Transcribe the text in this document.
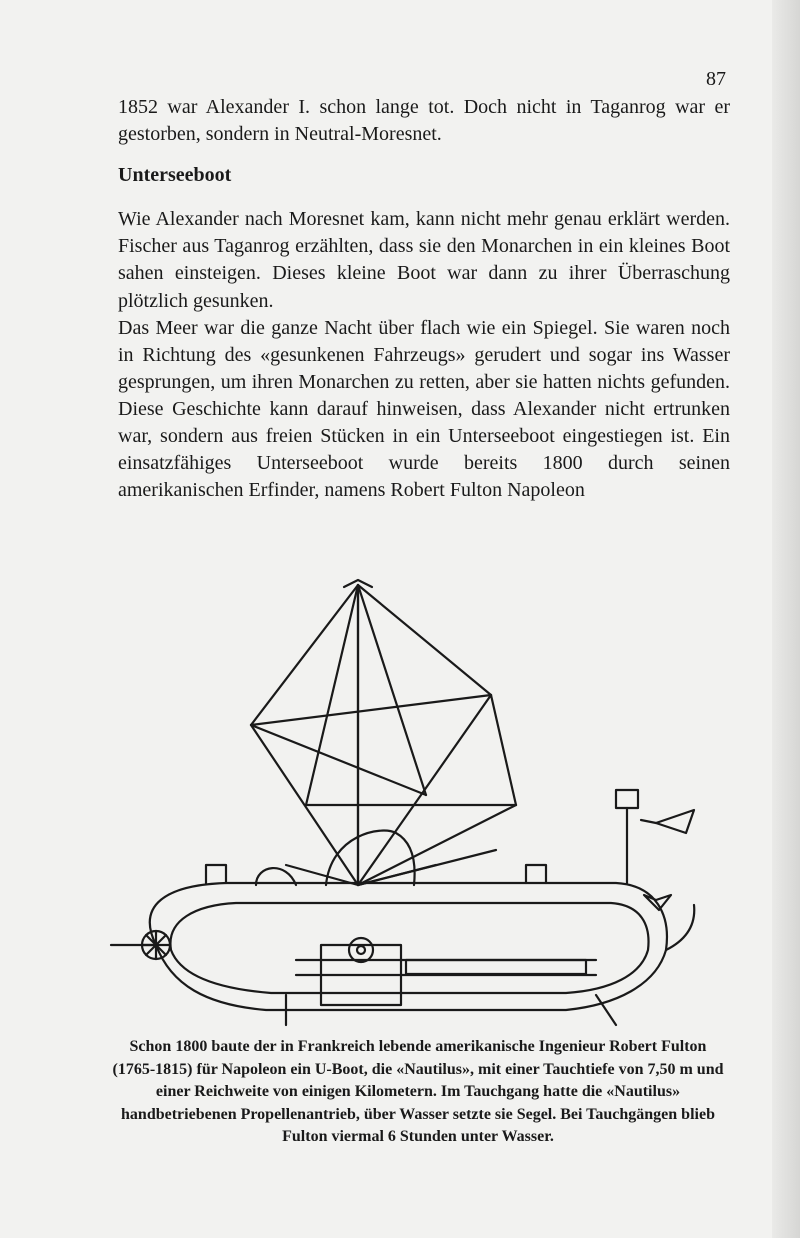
87

1852 war Alexander I. schon lange tot. Doch nicht in Taganrog war er gestorben, sondern in Neutral-Moresnet.

Unterseeboot

Wie Alexander nach Moresnet kam, kann nicht mehr genau erklärt werden. Fischer aus Taganrog erzählten, dass sie den Monarchen in ein kleines Boot sahen einsteigen. Dieses kleine Boot war dann zu ihrer Überraschung plötzlich gesunken.

Das Meer war die ganze Nacht über flach wie ein Spiegel. Sie waren noch in Richtung des «gesunkenen Fahrzeugs» gerudert und sogar ins Wasser gesprungen, um ihren Monarchen zu retten, aber sie hatten nichts gefunden. Diese Geschichte kann darauf hinweisen, dass Alexander nicht ertrunken war, sondern aus freien Stücken in ein Unterseeboot eingestiegen ist. Ein einsatzfähiges Unterseeboot wurde bereits 1800 durch seinen amerikanischen Erfinder, namens Robert Fulton Napoleon

Schon 1800 baute der in Frankreich lebende amerikanische Ingenieur Robert Fulton (1765-1815) für Napoleon ein U-Boot, die «Nautilus», mit einer Tauchtiefe von 7,50 m und einer Reichweite von einigen Kilometern. Im Tauchgang hatte die «Nautilus» handbetriebenen Propellenantrieb, über Wasser setzte sie Segel. Bei Tauchgängen blieb Fulton viermal 6 Stunden unter Wasser.
